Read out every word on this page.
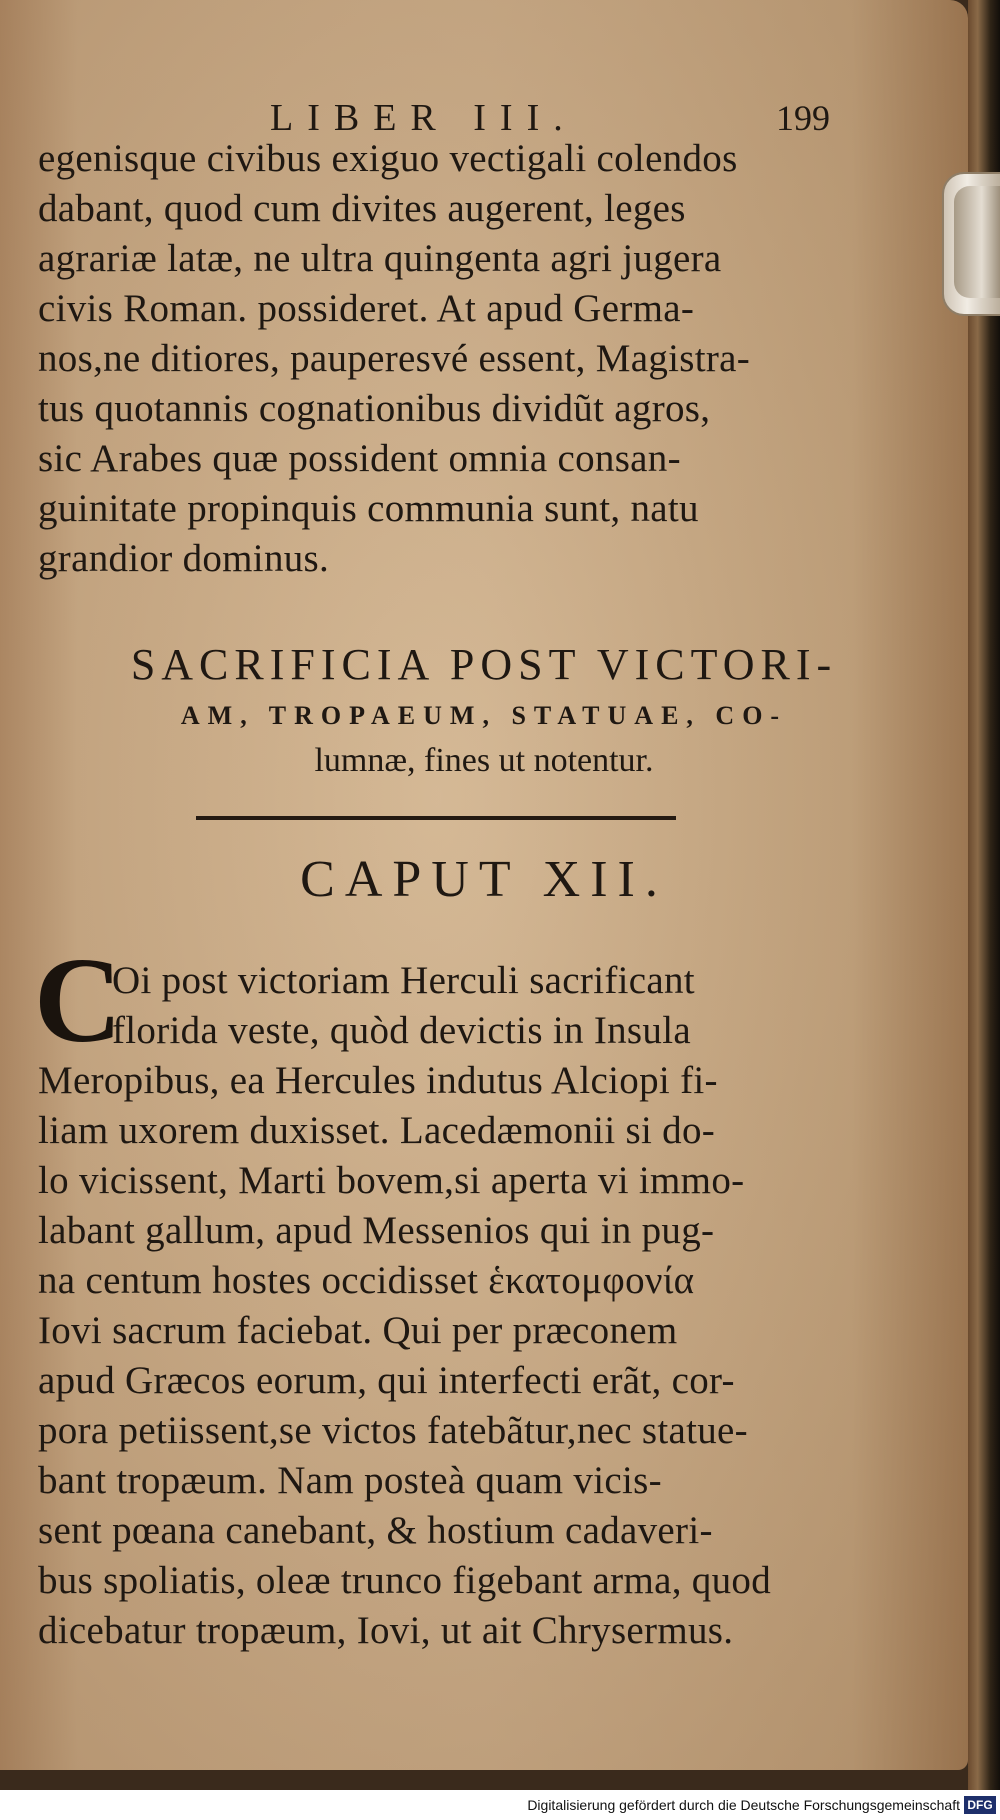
LIBER III.	199
egenisque civibus exiguo vectigali colendos
dabant, quod cum divites augerent, leges
agrariæ latæ, ne ultra quingenta agri jugera
civis Roman. possideret. At apud Germa-
nos,ne ditiores, pauperesvé essent, Magistra-
tus quotannis cognationibus dividũt agros,
sic Arabes quæ possident omnia consan-
guinitate propinquis communia sunt, natu
grandior dominus.
SACRIFICIA POST VICTORI-
AM, TROPAEUM, STATUAE, CO-
lumnæ, fines ut notentur.
CAPUT XII.
C
Oi post victoriam Herculi sacrificant
florida veste, quòd devictis in Insula
Meropibus, ea Hercules indutus Alciopi fi-
liam uxorem duxisset. Lacedæmonii si do-
lo vicissent, Marti bovem,si aperta vi immo-
labant gallum, apud Messenios qui in pug-
na centum hostes occidisset ἑκατομφονία
Iovi sacrum faciebat. Qui per præconem
apud Græcos eorum, qui interfecti erãt, cor-
pora petiissent,se victos fatebãtur,nec statue-
bant tropæum. Nam posteà quam vicis-
sent pœana canebant, & hostium cadaveri-
bus spoliatis, oleæ trunco figebant arma, quod
dicebatur tropæum, Iovi, ut ait Chrysermus.
Digitalisierung gefördert durch die Deutsche Forschungsgemeinschaft DFG
